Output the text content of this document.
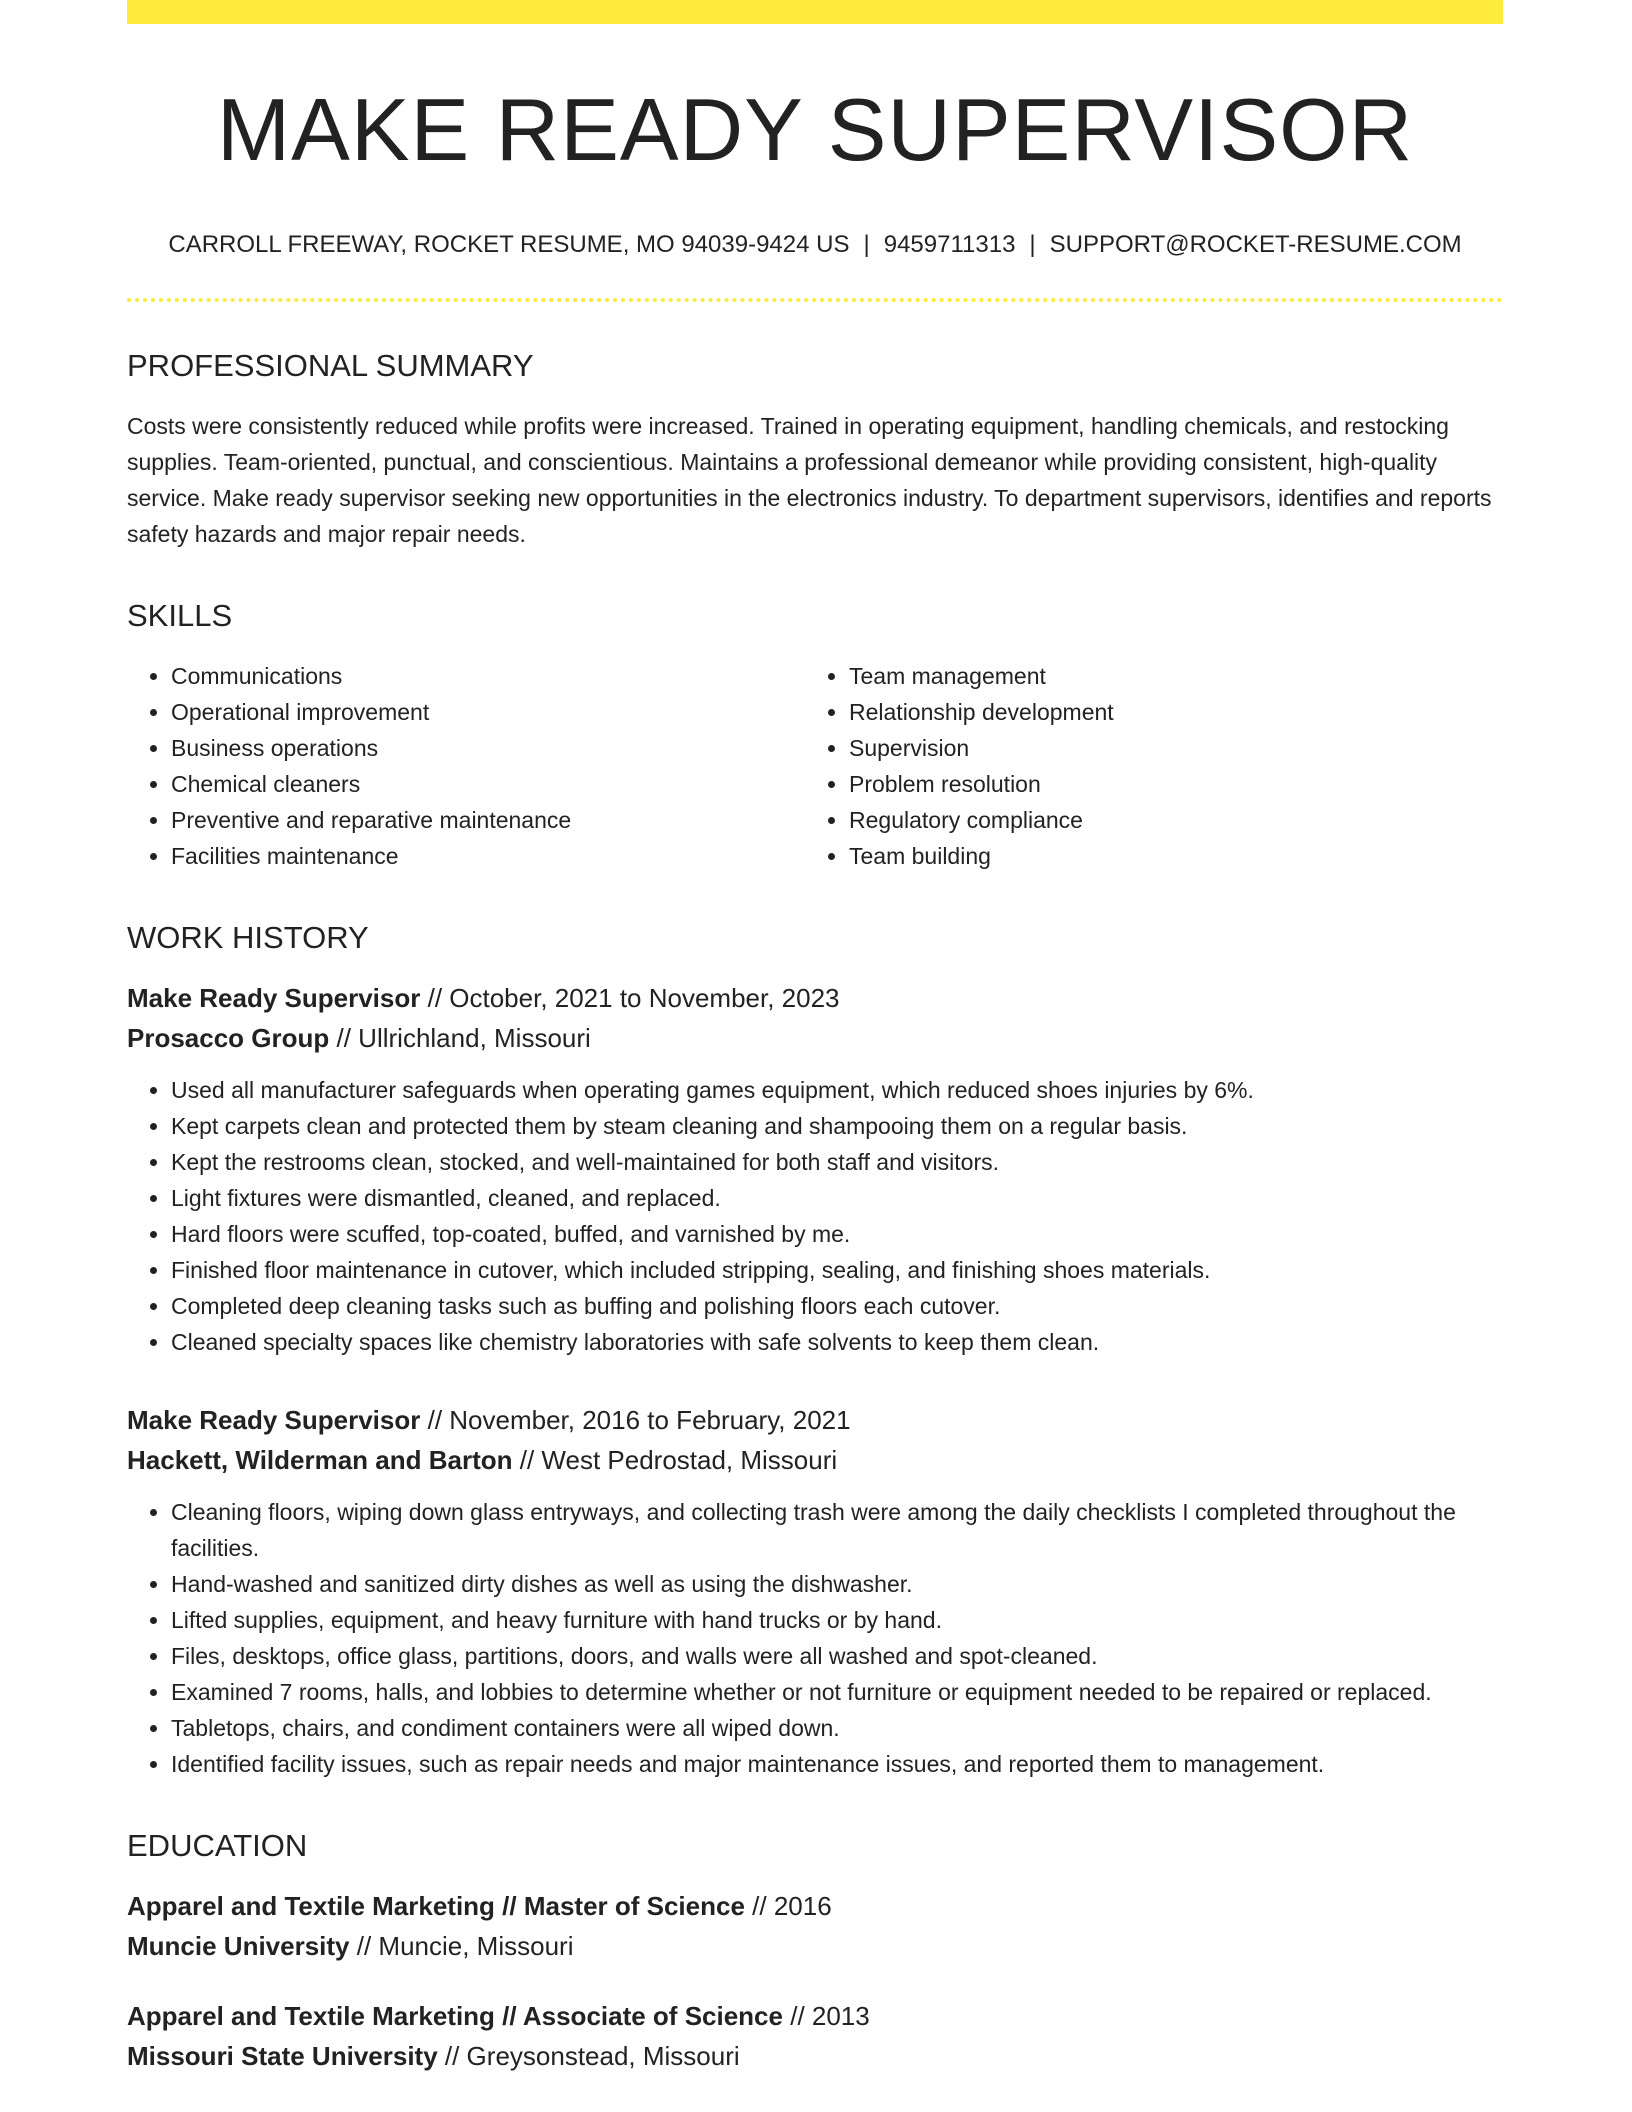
MAKE READY SUPERVISOR
CARROLL FREEWAY, ROCKET RESUME, MO 94039-9424 US | 9459711313 | SUPPORT@ROCKET-RESUME.COM
PROFESSIONAL SUMMARY
Costs were consistently reduced while profits were increased. Trained in operating equipment, handling chemicals, and restocking supplies. Team-oriented, punctual, and conscientious. Maintains a professional demeanor while providing consistent, high-quality service. Make ready supervisor seeking new opportunities in the electronics industry. To department supervisors, identifies and reports safety hazards and major repair needs.
SKILLS
• Communications
• Operational improvement
• Business operations
• Chemical cleaners
• Preventive and reparative maintenance
• Facilities maintenance
• Team management
• Relationship development
• Supervision
• Problem resolution
• Regulatory compliance
• Team building
WORK HISTORY
Make Ready Supervisor // October, 2021 to November, 2023
Prosacco Group // Ullrichland, Missouri
• Used all manufacturer safeguards when operating games equipment, which reduced shoes injuries by 6%.
• Kept carpets clean and protected them by steam cleaning and shampooing them on a regular basis.
• Kept the restrooms clean, stocked, and well-maintained for both staff and visitors.
• Light fixtures were dismantled, cleaned, and replaced.
• Hard floors were scuffed, top-coated, buffed, and varnished by me.
• Finished floor maintenance in cutover, which included stripping, sealing, and finishing shoes materials.
• Completed deep cleaning tasks such as buffing and polishing floors each cutover.
• Cleaned specialty spaces like chemistry laboratories with safe solvents to keep them clean.
Make Ready Supervisor // November, 2016 to February, 2021
Hackett, Wilderman and Barton // West Pedrostad, Missouri
• Cleaning floors, wiping down glass entryways, and collecting trash were among the daily checklists I completed throughout the facilities.
• Hand-washed and sanitized dirty dishes as well as using the dishwasher.
• Lifted supplies, equipment, and heavy furniture with hand trucks or by hand.
• Files, desktops, office glass, partitions, doors, and walls were all washed and spot-cleaned.
• Examined 7 rooms, halls, and lobbies to determine whether or not furniture or equipment needed to be repaired or replaced.
• Tabletops, chairs, and condiment containers were all wiped down.
• Identified facility issues, such as repair needs and major maintenance issues, and reported them to management.
EDUCATION
Apparel and Textile Marketing // Master of Science // 2016
Muncie University // Muncie, Missouri
Apparel and Textile Marketing // Associate of Science // 2013
Missouri State University // Greysonstead, Missouri
